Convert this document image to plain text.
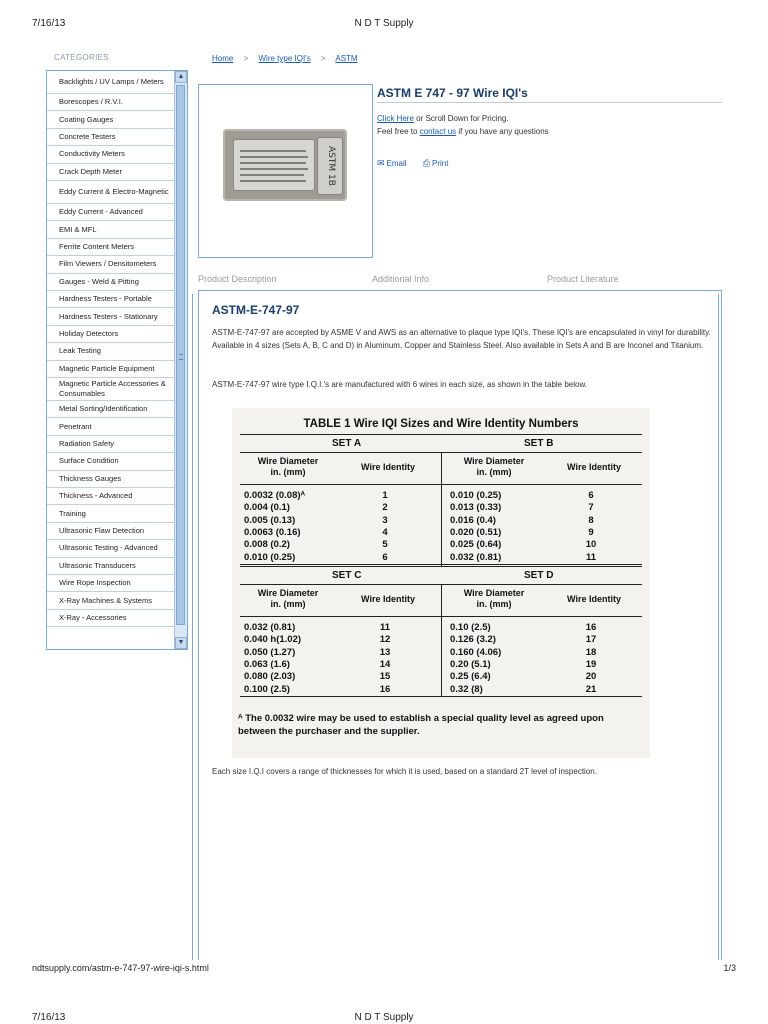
7/16/13	N D T Supply
CATEGORIES
Backlights / UV Lamps / Meters
Borescopes / R.V.I.
Coating Gauges
Concrete Testers
Conductivity Meters
Crack Depth Meter
Eddy Current & Electro-Magnetic
Eddy Current - Advanced
EMI & MFL
Ferrite Content Meters
Film Viewers / Densitometers
Gauges - Weld & Pitting
Hardness Testers - Portable
Hardness Testers - Stationary
Holiday Detectors
Leak Testing
Magnetic Particle Equipment
Magnetic Particle Accessories & Consumables
Metal Sorting/Identification
Penetrant
Radiation Safety
Surface Condition
Thickness Gauges
Thickness - Advanced
Training
Ultrasonic Flaw Detection
Ultrasonic Testing - Advanced
Ultrasonic Transducers
Wire Rope Inspection
X-Ray Machines & Systems
X-Ray - Accessories
▲
▼
Home > Wire type IQI's > ASTM
ASTM 1B
ASTM E 747 - 97 Wire IQI's
Click Here or Scroll Down for Pricing.
Feel free to contact us if you have any questions
✉ Email ⎙ Print
Product Description	Additional Info	Product Literature
ASTM-E-747-97
ASTM-E-747-97 are accepted by ASME V and AWS as an alternative to plaque type IQI's. These IQI's are encapsulated in vinyl for durability. Available in 4 sizes (Sets A, B, C and D) in Aluminum, Copper and Stainless Steel. Also available in Sets A and B are Inconel and Titanium.
ASTM-E-747-97 wire type I.Q.I.'s are manufactured with 6 wires in each size, as shown in the table below.
TABLE 1 Wire IQI Sizes and Wire Identity Numbers
SET A
Wire Diameter
in. (mm)	Wire Identity
0.0032 (0.08)ᴬ	1
0.004 (0.1)	2
0.005 (0.13)	3
0.0063 (0.16)	4
0.008 (0.2)	5
0.010 (0.25)	6
SET B
Wire Diameter
in. (mm)	Wire Identity
0.010 (0.25)	6
0.013 (0.33)	7
0.016 (0.4)	8
0.020 (0.51)	9
0.025 (0.64)	10
0.032 (0.81)	11
SET C
Wire Diameter
in. (mm)	Wire Identity
0.032 (0.81)	11
0.040 h(1.02)	12
0.050 (1.27)	13
0.063 (1.6)	14
0.080 (2.03)	15
0.100 (2.5)	16
SET D
Wire Diameter
in. (mm)	Wire Identity
0.10 (2.5)	16
0.126 (3.2)	17
0.160 (4.06)	18
0.20 (5.1)	19
0.25 (6.4)	20
0.32 (8)	21
ᴬ The 0.0032 wire may be used to establish a special quality level as agreed upon between the purchaser and the supplier.
Each size I.Q.I covers a range of thicknesses for which it is used, based on a standard 2T level of inspection.
ndtsupply.com/astm-e-747-97-wire-iqi-s.html	1/3
7/16/13	N D T Supply
